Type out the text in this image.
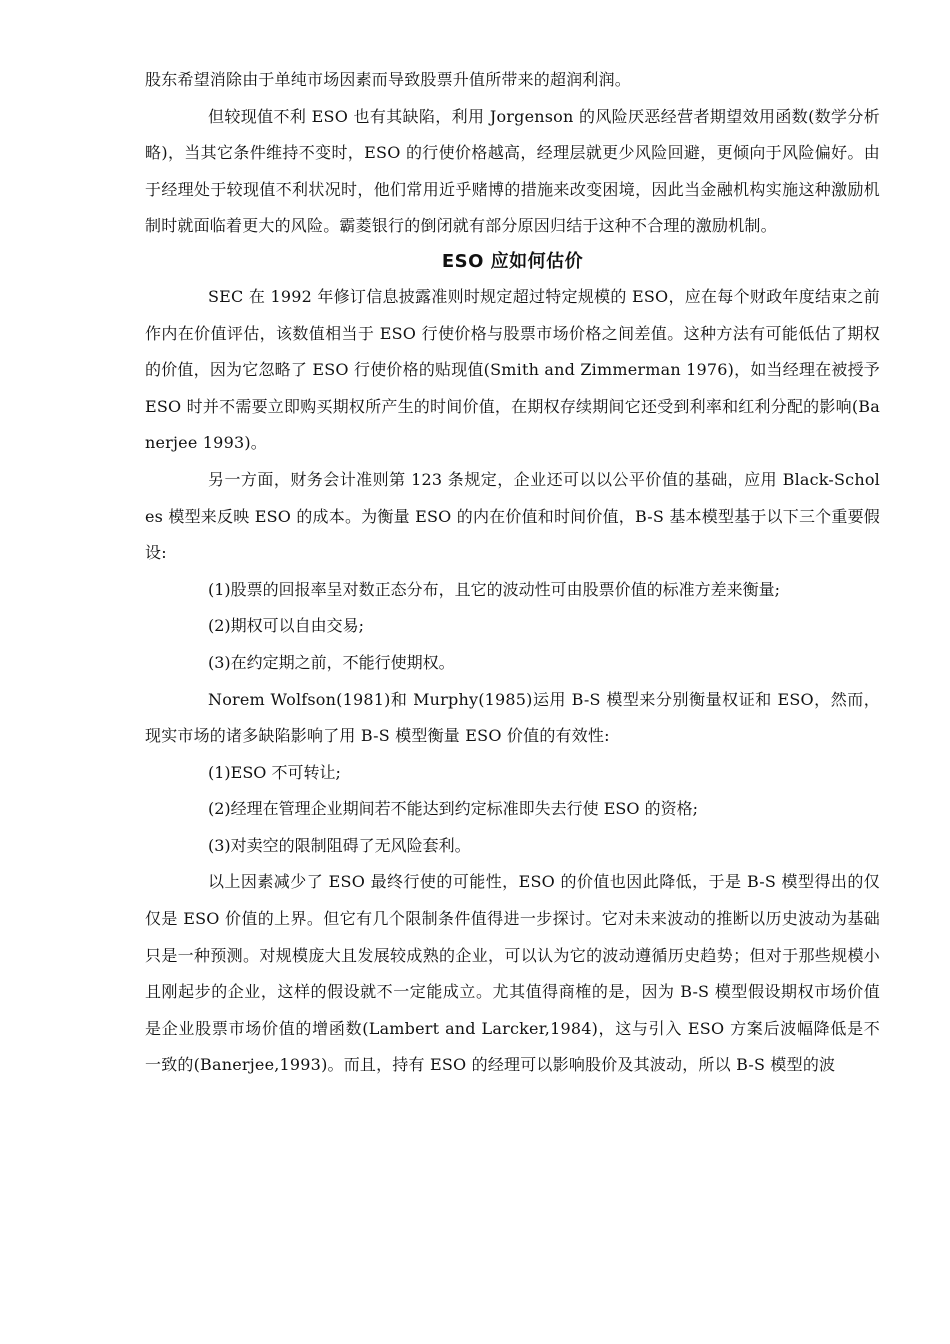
股东希望消除由于单纯市场因素而导致股票升值所带来的超润利润。

但较现值不利 ESO 也有其缺陷，利用 Jorgenson 的风险厌恶经营者期望效用函数(数学分析略)，当其它条件维持不变时，ESO 的行使价格越高，经理层就更少风险回避，更倾向于风险偏好。由于经理处于较现值不利状况时，他们常用近乎赌博的措施来改变困境，因此当金融机构实施这种激励机制时就面临着更大的风险。霸菱银行的倒闭就有部分原因归结于这种不合理的激励机制。

ESO 应如何估价

SEC 在 1992 年修订信息披露准则时规定超过特定规模的 ESO，应在每个财政年度结束之前作内在价值评估，该数值相当于 ESO 行使价格与股票市场价格之间差值。这种方法有可能低估了期权的价值，因为它忽略了 ESO 行使价格的贴现值(Smith and Zimmerman 1976)，如当经理在被授予 ESO 时并不需要立即购买期权所产生的时间价值，在期权存续期间它还受到利率和红利分配的影响(Banerjee 1993)。

另一方面，财务会计准则第 123 条规定，企业还可以以公平价值的基础，应用 Black-Scholes 模型来反映 ESO 的成本。为衡量 ESO 的内在价值和时间价值，B-S 基本模型基于以下三个重要假设:

(1)股票的回报率呈对数正态分布，且它的波动性可由股票价值的标准方差来衡量;

(2)期权可以自由交易;

(3)在约定期之前，不能行使期权。

Norem Wolfson(1981)和 Murphy(1985)运用 B-S 模型来分别衡量权证和 ESO，然而，现实市场的诸多缺陷影响了用 B-S 模型衡量 ESO 价值的有效性:

(1)ESO 不可转让;

(2)经理在管理企业期间若不能达到约定标准即失去行使 ESO 的资格;

(3)对卖空的限制阻碍了无风险套利。

以上因素减少了 ESO 最终行使的可能性，ESO 的价值也因此降低，于是 B-S 模型得出的仅仅是 ESO 价值的上界。但它有几个限制条件值得进一步探讨。它对未来波动的推断以历史波动为基础只是一种预测。对规模庞大且发展较成熟的企业，可以认为它的波动遵循历史趋势；但对于那些规模小且刚起步的企业，这样的假设就不一定能成立。尤其值得商榷的是，因为 B-S 模型假设期权市场价值是企业股票市场价值的增函数(Lambert and Larcker,1984)，这与引入 ESO 方案后波幅降低是不一致的(Banerjee,1993)。而且，持有 ESO 的经理可以影响股价及其波动，所以 B-S 模型的波
